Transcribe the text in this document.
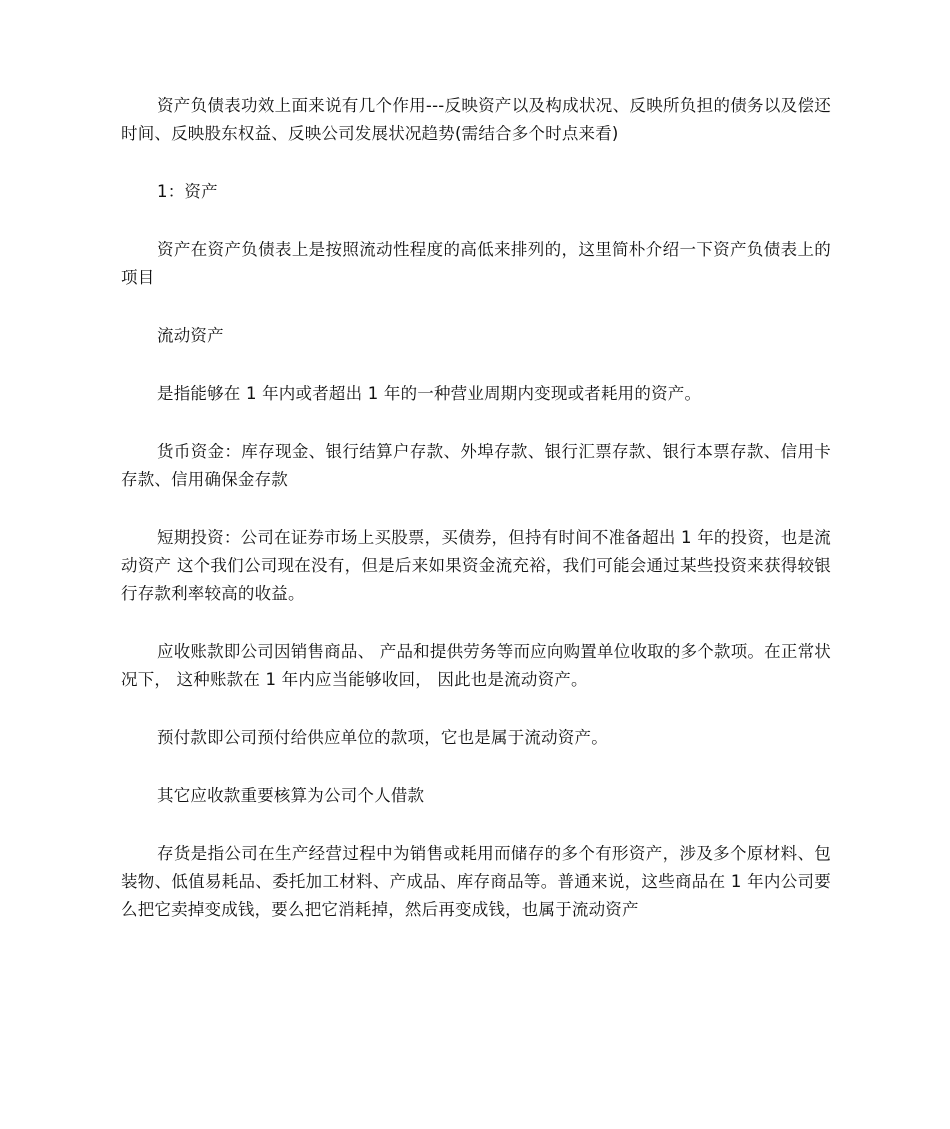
资产负债表功效上面来说有几个作用---反映资产以及构成状况、反映所负担的债务以及偿还时间、反映股东权益、反映公司发展状况趋势(需结合多个时点来看)

1：资产

资产在资产负债表上是按照流动性程度的高低来排列的，这里简朴介绍一下资产负债表上的项目

流动资产

是指能够在 1 年内或者超出 1 年的一种营业周期内变现或者耗用的资产。

货币资金：库存现金、银行结算户存款、外埠存款、银行汇票存款、银行本票存款、信用卡存款、信用确保金存款

短期投资：公司在证券市场上买股票，买债券，但持有时间不准备超出 1 年的投资，也是流动资产 这个我们公司现在没有，但是后来如果资金流充裕，我们可能会通过某些投资来获得较银行存款利率较高的收益。

应收账款即公司因销售商品、 产品和提供劳务等而应向购置单位收取的多个款项。在正常状况下， 这种账款在 1 年内应当能够收回， 因此也是流动资产。

预付款即公司预付给供应单位的款项，它也是属于流动资产。

其它应收款重要核算为公司个人借款

存货是指公司在生产经营过程中为销售或耗用而储存的多个有形资产，涉及多个原材料、包装物、低值易耗品、委托加工材料、产成品、库存商品等。普通来说，这些商品在 1 年内公司要么把它卖掉变成钱，要么把它消耗掉，然后再变成钱，也属于流动资产
